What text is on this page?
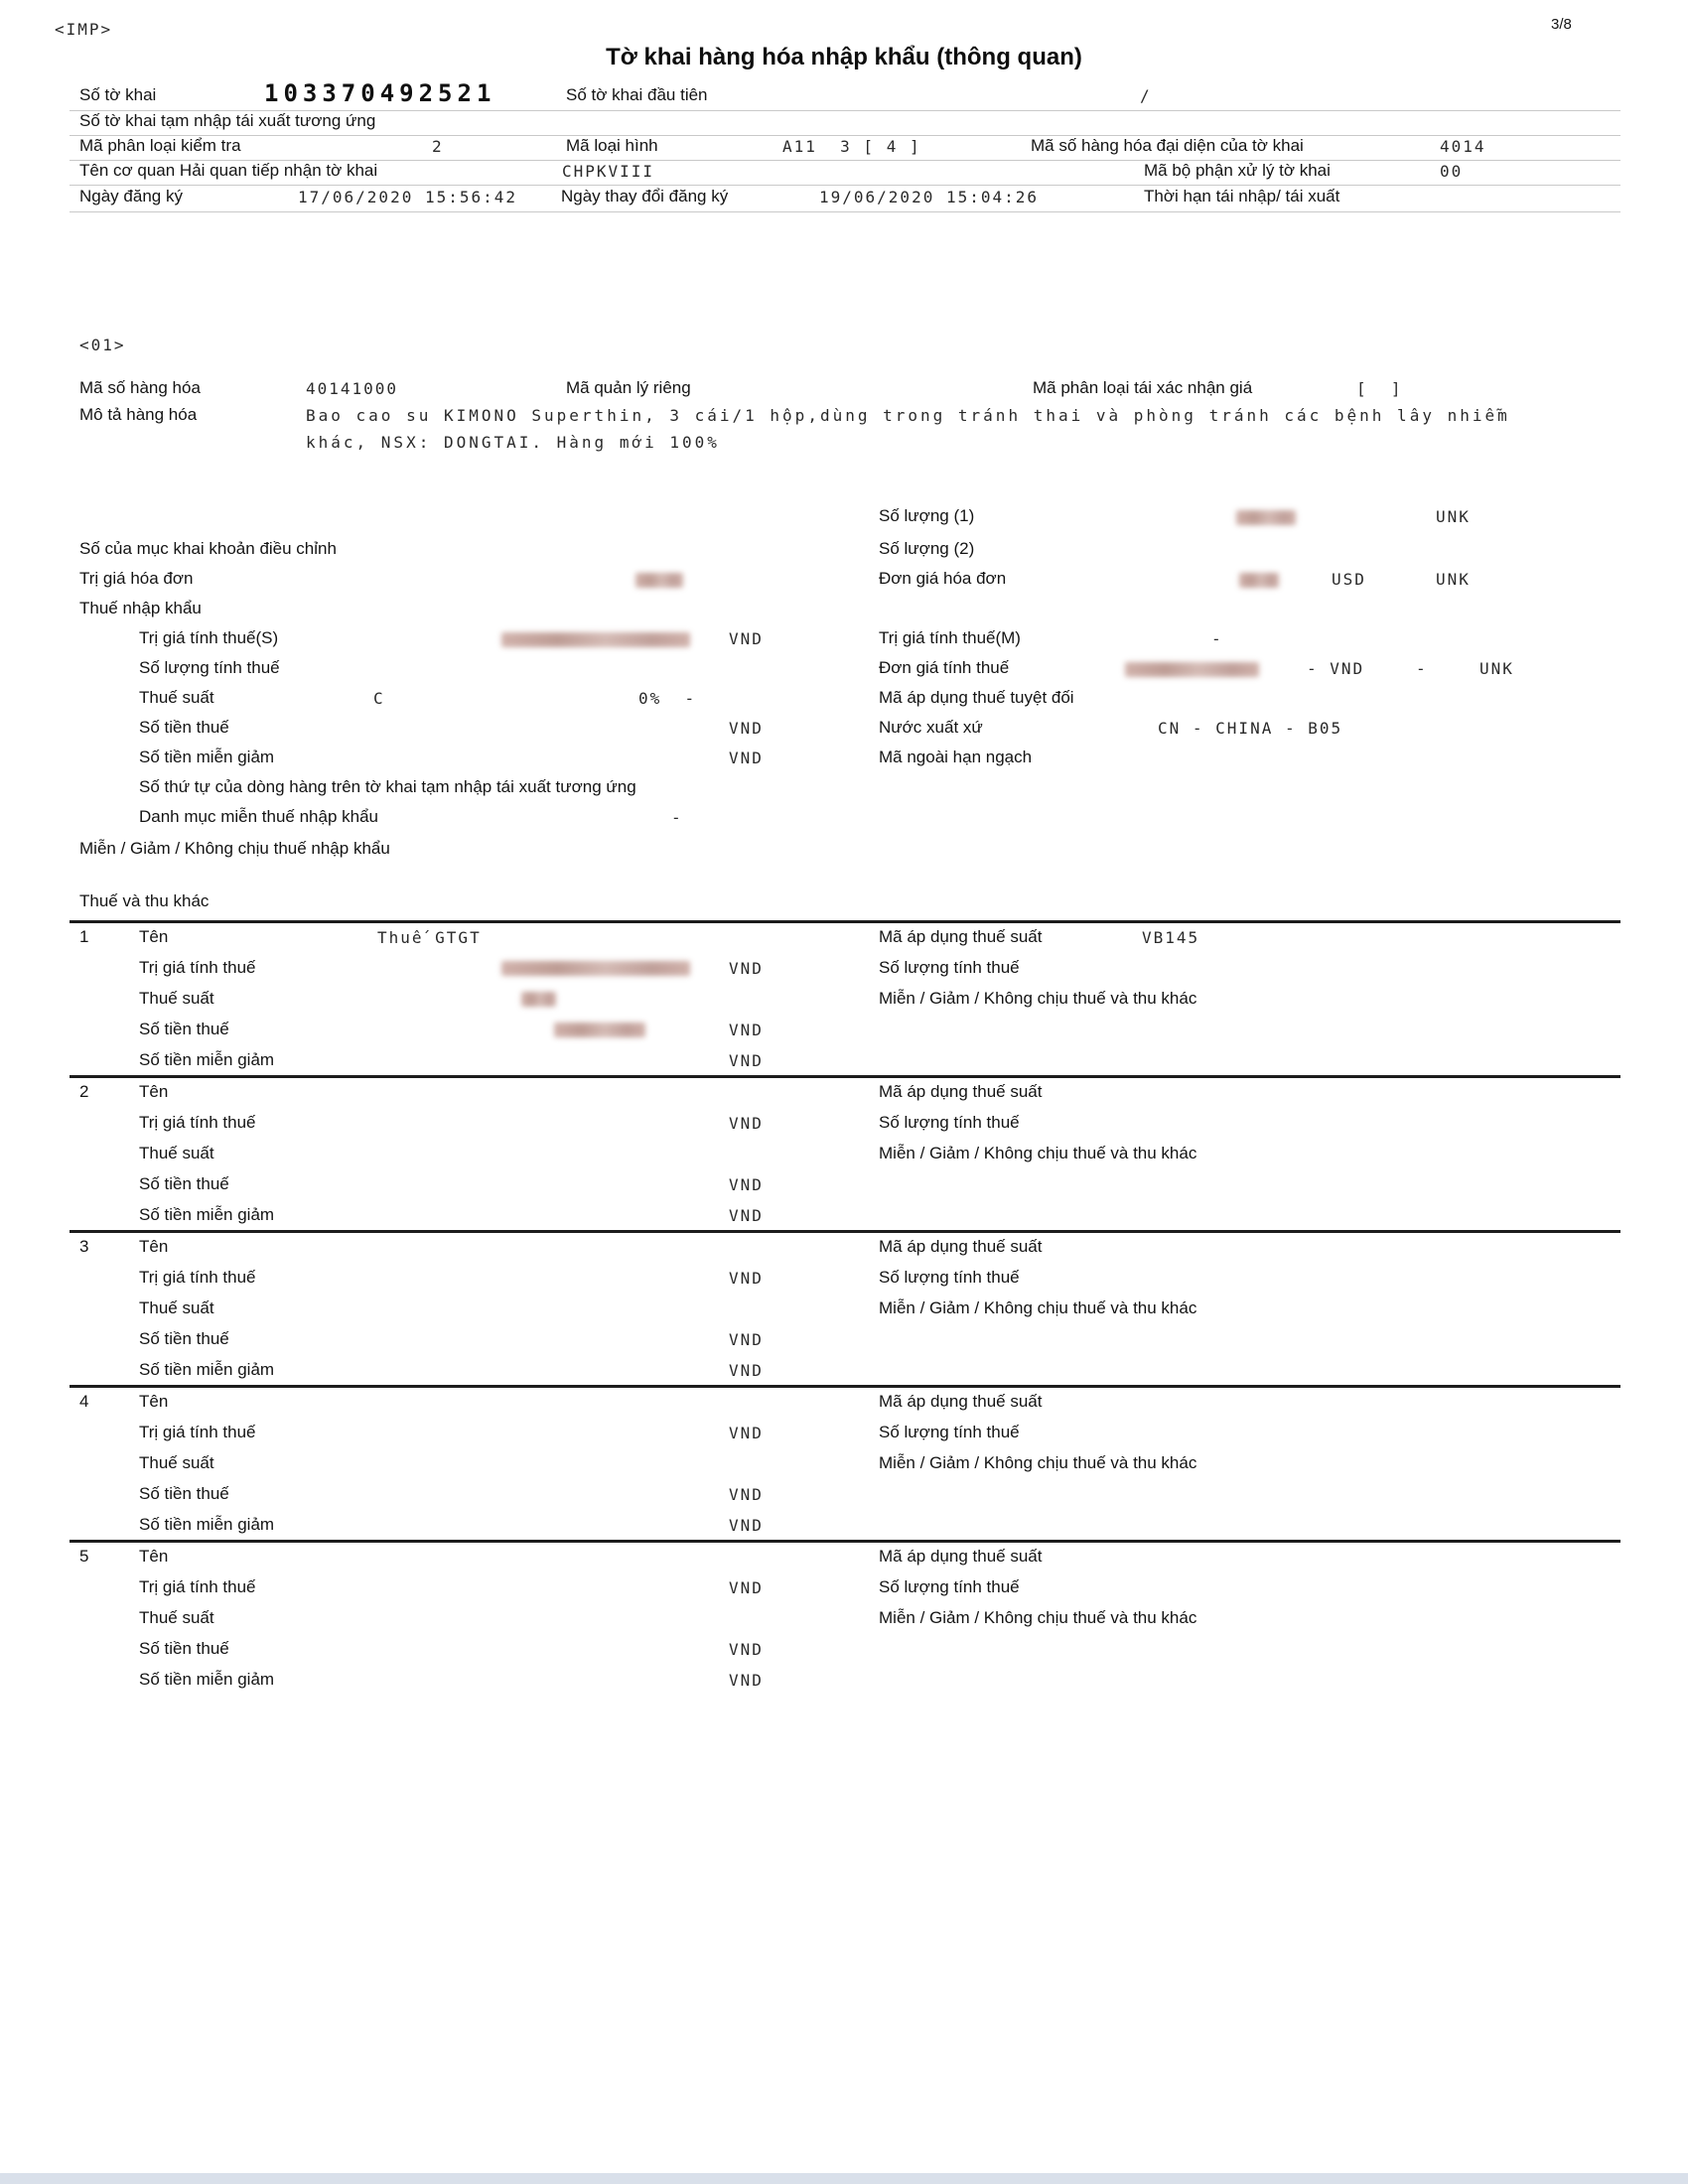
<IMP>	3/8
Tờ khai hàng hóa nhập khẩu (thông quan)
Số tờ khai	103370492521	Số tờ khai đầu tiên	/
Số tờ khai tạm nhập tái xuất tương ứng
Mã phân loại kiểm tra	2	Mã loại hình	A11  3 [ 4 ]	Mã số hàng hóa đại diện của tờ khai	4014
Tên cơ quan Hải quan tiếp nhận tờ khai	CHPKVIII	Mã bộ phận xử lý tờ khai	00
Ngày đăng ký	17/06/2020 15:56:42	Ngày thay đổi đăng ký	19/06/2020 15:04:26	Thời hạn tái nhập/ tái xuất
<01>
Mã số hàng hóa	40141000	Mã quản lý riêng	Mã phân loại tái xác nhận giá	[  ]
Mô tả hàng hóa	Bao cao su KIMONO Superthin, 3 cái/1 hộp,dùng trong tránh thai và phòng tránh các bệnh lây nhiễm
khác, NSX: DONGTAI. Hàng mới 100%
Số lượng (1)	UNK
Số của mục khai khoản điều chỉnh	Số lượng (2)
Trị giá hóa đơn	Đơn giá hóa đơn	USD	UNK
Thuế nhập khẩu
Trị giá tính thuế(S)	VND	Trị giá tính thuế(M)	-
Số lượng tính thuế	Đơn giá tính thuế	- VND	-	UNK
Thuế suất	C	0%  -	Mã áp dụng thuế tuyệt đối
Số tiền thuế	VND	Nước xuất xứ	CN - CHINA - B05
Số tiền miễn giảm	VND	Mã ngoài hạn ngạch
Số thứ tự của dòng hàng trên tờ khai tạm nhập tái xuất tương ứng
Danh mục miễn thuế nhập khẩu	-
Miễn / Giảm / Không chịu thuế nhập khẩu
Thuế và thu khác
1	Tên	Thuế GTGT	Mã áp dụng thuế suất	VB145
Trị giá tính thuế	VND	Số lượng tính thuế
Thuế suất	Miễn / Giảm / Không chịu thuế và thu khác
Số tiền thuế	VND
Số tiền miễn giảm	VND
2	Tên	Mã áp dụng thuế suất
Trị giá tính thuế	VND	Số lượng tính thuế
Thuế suất	Miễn / Giảm / Không chịu thuế và thu khác
Số tiền thuế	VND
Số tiền miễn giảm	VND
3	Tên	Mã áp dụng thuế suất
Trị giá tính thuế	VND	Số lượng tính thuế
Thuế suất	Miễn / Giảm / Không chịu thuế và thu khác
Số tiền thuế	VND
Số tiền miễn giảm	VND
4	Tên	Mã áp dụng thuế suất
Trị giá tính thuế	VND	Số lượng tính thuế
Thuế suất	Miễn / Giảm / Không chịu thuế và thu khác
Số tiền thuế	VND
Số tiền miễn giảm	VND
5	Tên	Mã áp dụng thuế suất
Trị giá tính thuế	VND	Số lượng tính thuế
Thuế suất	Miễn / Giảm / Không chịu thuế và thu khác
Số tiền thuế	VND
Số tiền miễn giảm	VND
